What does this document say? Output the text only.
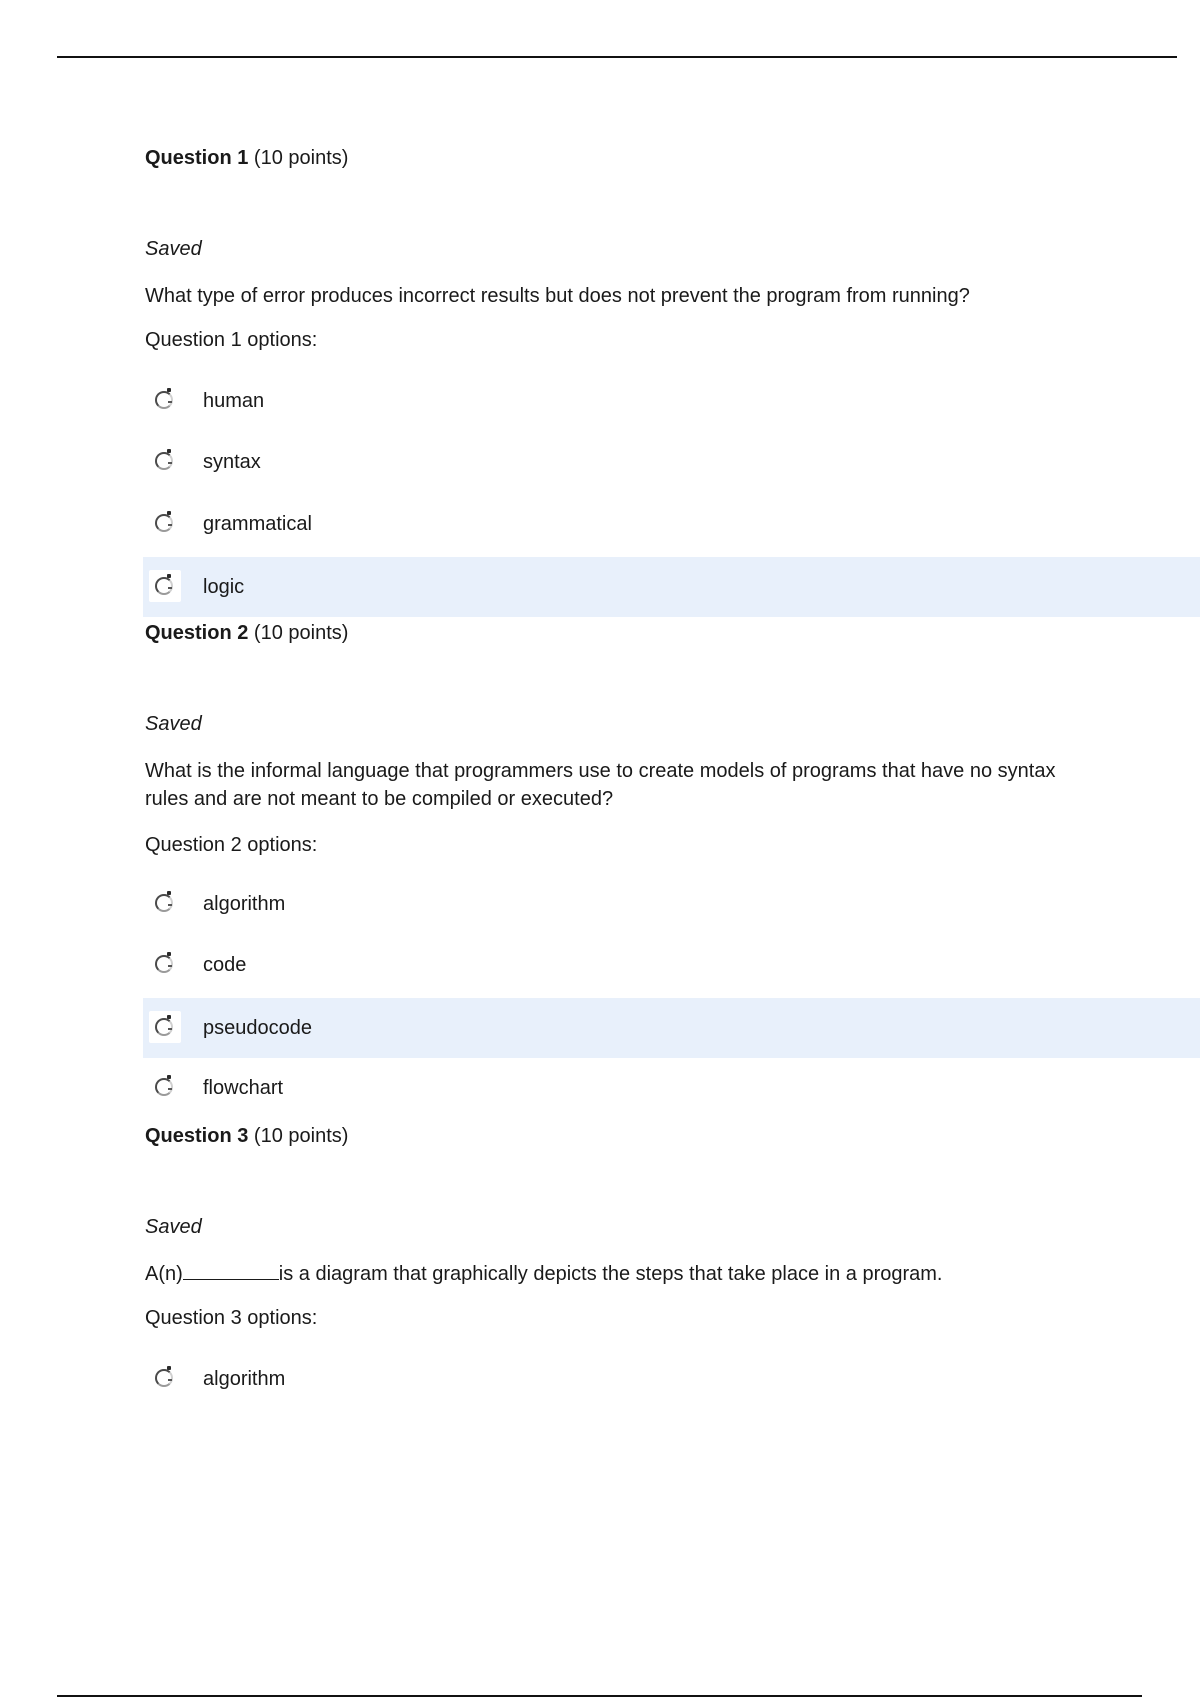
Question 1 (10 points)
Saved
What type of error produces incorrect results but does not prevent the program from running?
Question 1 options:
human
syntax
grammatical
logic
Question 2 (10 points)
Saved
What is the informal language that programmers use to create models of programs that have no syntax rules and are not meant to be compiled or executed?
Question 2 options:
algorithm
code
pseudocode
flowchart
Question 3 (10 points)
Saved
A(n)	is a diagram that graphically depicts the steps that take place in a program.
Question 3 options:
algorithm
